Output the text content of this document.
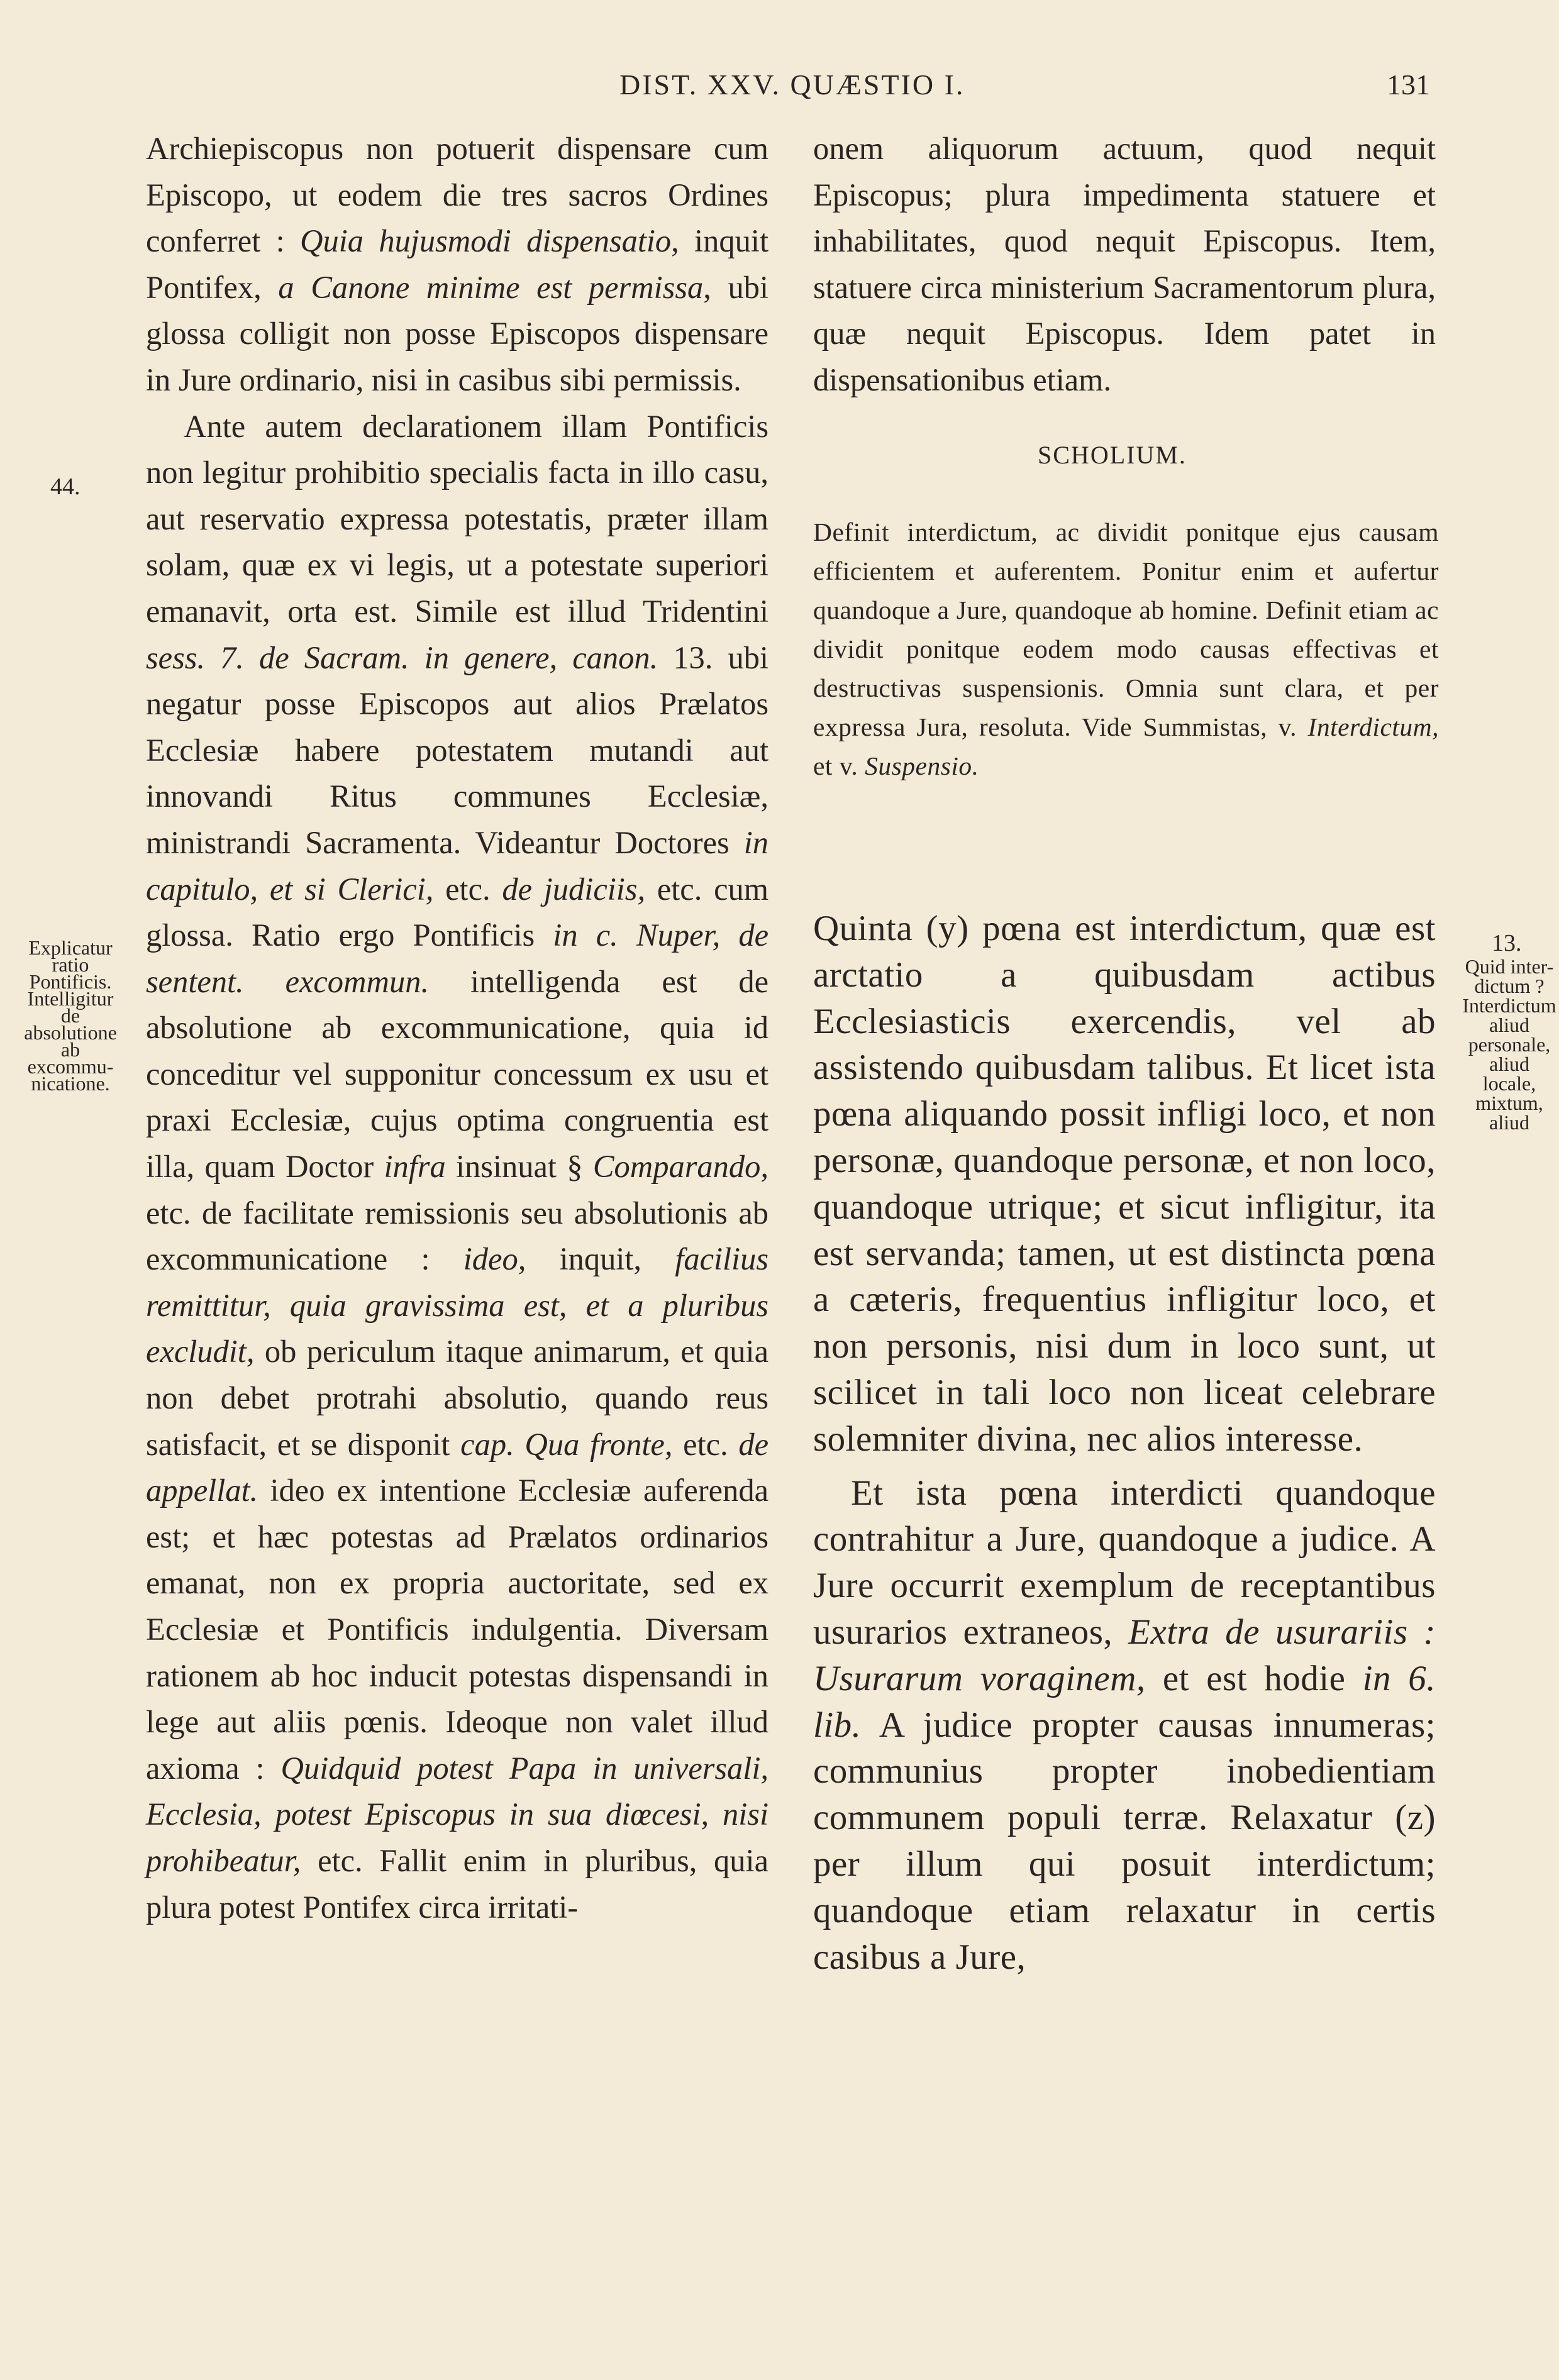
DIST. XXV. QUÆSTIO I.	131

Archiepiscopus non potuerit dispensare cum Episcopo, ut eodem die tres sacros Ordines conferret : Quia hujusmodi dispensatio, inquit Pontifex, a Canone minime est permissa, ubi glossa colligit non posse Episcopos dispensare in Jure ordinario, nisi in casibus sibi permissis.

Ante autem declarationem illam Pontificis non legitur prohibitio specialis facta in illo casu, aut reservatio expressa potestatis, præter illam solam, quæ ex vi legis, ut a potestate superiori emanavit, orta est. Simile est illud Tridentini sess. 7. de Sacram. in genere, canon. 13. ubi negatur posse Episcopos aut alios Prælatos Ecclesiæ habere potestatem mutandi aut innovandi Ritus communes Ecclesiæ, ministrandi Sacramenta. Videantur Doctores in capitulo, et si Clerici, etc. de judiciis, etc. cum glossa. Ratio ergo Pontificis in c. Nuper, de sentent. excommun. intelligenda est de absolutione ab excommunicatione, quia id conceditur vel supponitur concessum ex usu et praxi Ecclesiæ, cujus optima congruentia est illa, quam Doctor infra insinuat § Comparando, etc. de facilitate remissionis seu absolutionis ab excommunicatione : ideo, inquit, facilius remittitur, quia gravissima est, et a pluribus excludit, ob periculum itaque animarum, et quia non debet protrahi absolutio, quando reus satisfacit, et se disponit cap. Qua fronte, etc. de appellat. ideo ex intentione Ecclesiæ auferenda est; et hæc potestas ad Prælatos ordinarios emanat, non ex propria auctoritate, sed ex Ecclesiæ et Pontificis indulgentia. Diversam rationem ab hoc inducit potestas dispensandi in lege aut aliis pœnis. Ideoque non valet illud axioma : Quidquid potest Papa in universali, Ecclesia, potest Episcopus in sua diœcesi, nisi prohibeatur, etc. Fallit enim in pluribus, quia plura potest Pontifex circa irritati-

onem aliquorum actuum, quod nequit Episcopus; plura impedimenta statuere et inhabilitates, quod nequit Episcopus. Item, statuere circa ministerium Sacramentorum plura, quæ nequit Episcopus. Idem patet in dispensationibus etiam.

SCHOLIUM.
Definit interdictum, ac dividit ponitque ejus causam efficientem et auferentem. Ponitur enim et aufertur quandoque a Jure, quandoque ab homine. Definit etiam ac dividit ponitque eodem modo causas effectivas et destructivas suspensionis. Omnia sunt clara, et per expressa Jura, resoluta. Vide Summistas, v. Interdictum, et v. Suspensio.

Quinta (y) pœna est interdictum, quæ est arctatio a quibusdam actibus Ecclesiasticis exercendis, vel ab assistendo quibusdam talibus. Et licet ista pœna aliquando possit infligi loco, et non personæ, quandoque personæ, et non loco, quandoque utrique; et sicut infligitur, ita est servanda; tamen, ut est distincta pœna a cæteris, frequentius infligitur loco, et non personis, nisi dum in loco sunt, ut scilicet in tali loco non liceat celebrare solemniter divina, nec alios interesse.

Et ista pœna interdicti quandoque contrahitur a Jure, quandoque a judice. A Jure occurrit exemplum de receptantibus usurarios extraneos, Extra de usurariis : Usurarum voraginem, et est hodie in 6. lib. A judice propter causas innumeras; communius propter inobedientiam communem populi terræ. Relaxatur (z) per illum qui posuit interdictum; quandoque etiam relaxatur in certis casibus a Jure,

44.
Explicatur
ratio
Pontificis.
Intelligitur
de
absolutione
ab
excommu-
nicatione.
13.
Quid inter-
dictum ?
Interdictum
aliud
personale,
aliud
locale,
mixtum,
aliud
